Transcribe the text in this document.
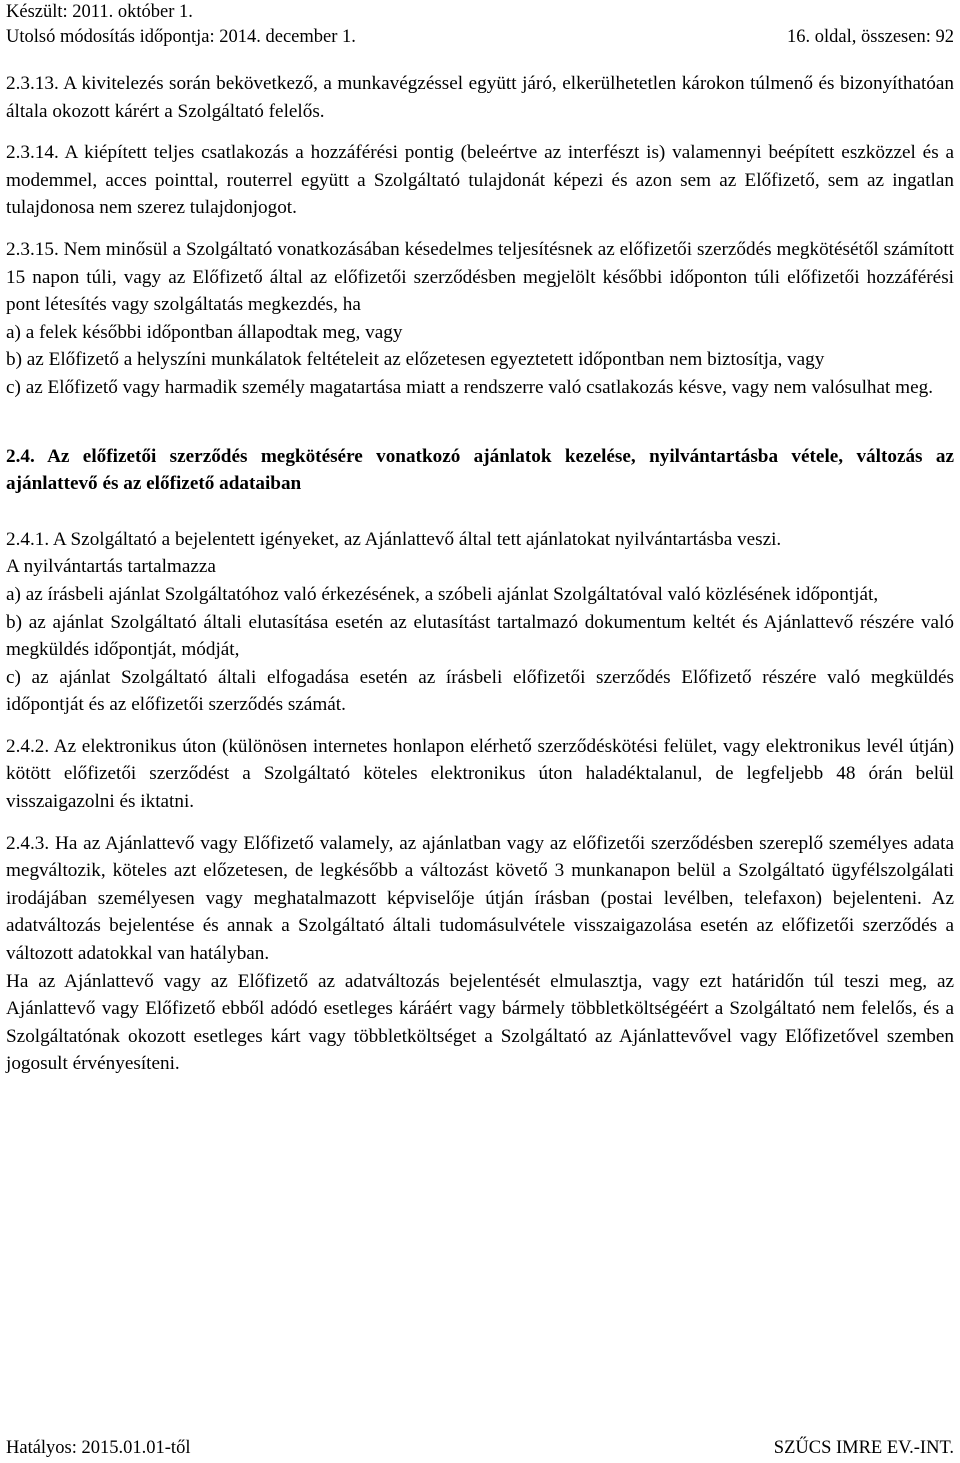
Készült: 2011. október 1.
Utolsó módosítás időpontja: 2014. december 1.	16. oldal, összesen: 92

2.3.13. A kivitelezés során bekövetkező, a munkavégzéssel együtt járó, elkerülhetetlen károkon túlmenő és bizonyíthatóan általa okozott kárért a Szolgáltató felelős.

2.3.14. A kiépített teljes csatlakozás a hozzáférési pontig (beleértve az interfészt is) valamennyi beépített eszközzel és a modemmel, acces pointtal, routerrel együtt a Szolgáltató tulajdonát képezi és azon sem az Előfizető, sem az ingatlan tulajdonosa nem szerez tulajdonjogot.

2.3.15. Nem minősül a Szolgáltató vonatkozásában késedelmes teljesítésnek az előfizetői szerződés megkötésétől számított 15 napon túli, vagy az Előfizető által az előfizetői szerződésben megjelölt későbbi időponton túli előfizetői hozzáférési pont létesítés vagy szolgáltatás megkezdés, ha

a) a felek későbbi időpontban állapodtak meg, vagy

b) az Előfizető a helyszíni munkálatok feltételeit az előzetesen egyeztetett időpontban nem biztosítja, vagy

c) az Előfizető vagy harmadik személy magatartása miatt a rendszerre való csatlakozás késve, vagy nem valósulhat meg.

2.4. Az előfizetői szerződés megkötésére vonatkozó ajánlatok kezelése, nyilvántartásba vétele, változás az ajánlattevő és az előfizető adataiban

2.4.1. A Szolgáltató a bejelentett igényeket, az Ajánlattevő által tett ajánlatokat nyilvántartásba veszi.

A nyilvántartás tartalmazza

a) az írásbeli ajánlat Szolgáltatóhoz való érkezésének, a szóbeli ajánlat Szolgáltatóval való közlésének időpontját,

b) az ajánlat Szolgáltató általi elutasítása esetén az elutasítást tartalmazó dokumentum keltét és Ajánlattevő részére való megküldés időpontját, módját,

c) az ajánlat Szolgáltató általi elfogadása esetén az írásbeli előfizetői szerződés Előfizető részére való megküldés időpontját és az előfizetői szerződés számát.

2.4.2. Az elektronikus úton (különösen internetes honlapon elérhető szerződéskötési felület, vagy elektronikus levél útján) kötött előfizetői szerződést a Szolgáltató köteles elektronikus úton haladéktalanul, de legfeljebb 48 órán belül visszaigazolni és iktatni.

2.4.3. Ha az Ajánlattevő vagy Előfizető valamely, az ajánlatban vagy az előfizetői szerződésben szereplő személyes adata megváltozik, köteles azt előzetesen, de legkésőbb a változást követő 3 munkanapon belül a Szolgáltató ügyfélszolgálati irodájában személyesen vagy meghatalmazott képviselője útján írásban (postai levélben, telefaxon) bejelenteni. Az adatváltozás bejelentése és annak a Szolgáltató általi tudomásulvétele visszaigazolása esetén az előfizetői szerződés a változott adatokkal van hatályban.

Ha az Ajánlattevő vagy az Előfizető az adatváltozás bejelentését elmulasztja, vagy ezt határidőn túl teszi meg, az Ajánlattevő vagy Előfizető ebből adódó esetleges káráért vagy bármely többletköltségéért a Szolgáltató nem felelős, és a Szolgáltatónak okozott esetleges kárt vagy többletköltséget a Szolgáltató az Ajánlattevővel vagy Előfizetővel szemben jogosult érvényesíteni.

Hatályos: 2015.01.01-től	SZŰCS IMRE EV.-INT.
